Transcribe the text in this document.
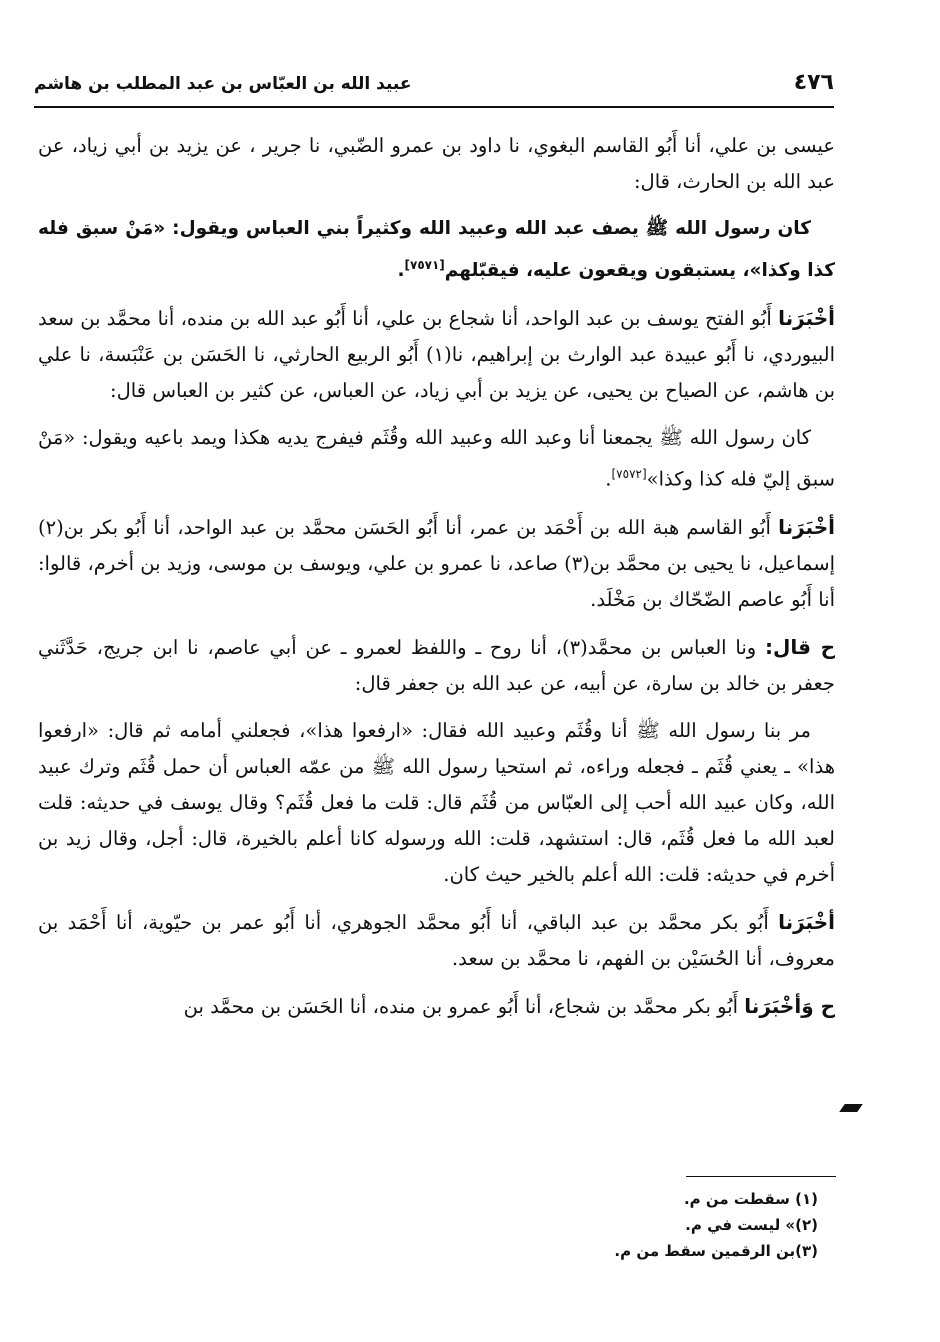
٤٧٦
عبيد الله بن العبّاس بن عبد المطلب بن هاشم

عيسى بن علي، أنا أَبُو القاسم البغوي، نا داود بن عمرو الضّبي، نا جرير ، عن يزيد بن أبي زياد، عن عبد الله بن الحارث، قال:

كان رسول الله ﷺ يصف عبد الله وعبيد الله وكثيراً بني العباس ويقول: «مَنْ سبق فله كذا وكذا»، يستبقون ويقعون عليه، فيقبّلهم[٧٥٧١].

أخْبَرَنا أَبُو الفتح يوسف بن عبد الواحد، أنا شجاع بن علي، أنا أَبُو عبد الله بن منده، أنا محمَّد بن سعد البيوردي، نا أَبُو عبيدة عبد الوارث بن إبراهيم، نا(١) أَبُو الربيع الحارثي، نا الحَسَن بن عَنْبَسة، نا علي بن هاشم، عن الصياح بن يحيى، عن يزيد بن أبي زياد، عن العباس، عن كثير بن العباس قال:

كان رسول الله ﷺ يجمعنا أنا وعبد الله وعبيد الله وقُثَم فيفرج يديه هكذا ويمد باعيه ويقول: «مَنْ سبق إليّ فله كذا وكذا»[٧٥٧٢].

أخْبَرَنا أَبُو القاسم هبة الله بن أَحْمَد بن عمر، أنا أَبُو الحَسَن محمَّد بن عبد الواحد، أنا أَبُو بكر بن(٢) إسماعيل، نا يحيى بن محمَّد بن(٣) صاعد، نا عمرو بن علي، ويوسف بن موسى، وزيد بن أخرم، قالوا: أنا أَبُو عاصم الضّحّاك بن مَخْلَد.

ح قال: ونا العباس بن محمَّد(٣)، أنا روح ـ واللفظ لعمرو ـ عن أبي عاصم، نا ابن جريج، حَدَّثَني جعفر بن خالد بن سارة، عن أبيه، عن عبد الله بن جعفر قال:

مر بنا رسول الله ﷺ أنا وقُثَم وعبيد الله فقال: «ارفعوا هذا»، فجعلني أمامه ثم قال: «ارفعوا هذا» ـ يعني قُثَم ـ فجعله وراءه، ثم استحيا رسول الله ﷺ من عمّه العباس أن حمل قُثَم وترك عبيد الله، وكان عبيد الله أحب إلى العبّاس من قُثَم قال: قلت ما فعل قُثَم؟ وقال يوسف في حديثه: قلت لعبد الله ما فعل قُثَم، قال: استشهد، قلت: الله ورسوله كانا أعلم بالخيرة، قال: أجل، وقال زيد بن أخرم في حديثه: قلت: الله أعلم بالخير حيث كان.

أخْبَرَنا أَبُو بكر محمَّد بن عبد الباقي، أنا أَبُو محمَّد الجوهري، أنا أَبُو عمر بن حيّوية، أنا أَحْمَد بن معروف، أنا الحُسَيْن بن الفهم، نا محمَّد بن سعد.

ح وَأخْبَرَنا أَبُو بكر محمَّد بن شجاع، أنا أَبُو عمرو بن منده، أنا الحَسَن بن محمَّد بن

(١) سقطت من م.

(٢)» ليست في م.

(٣)بن الرقمين سقط من م.
